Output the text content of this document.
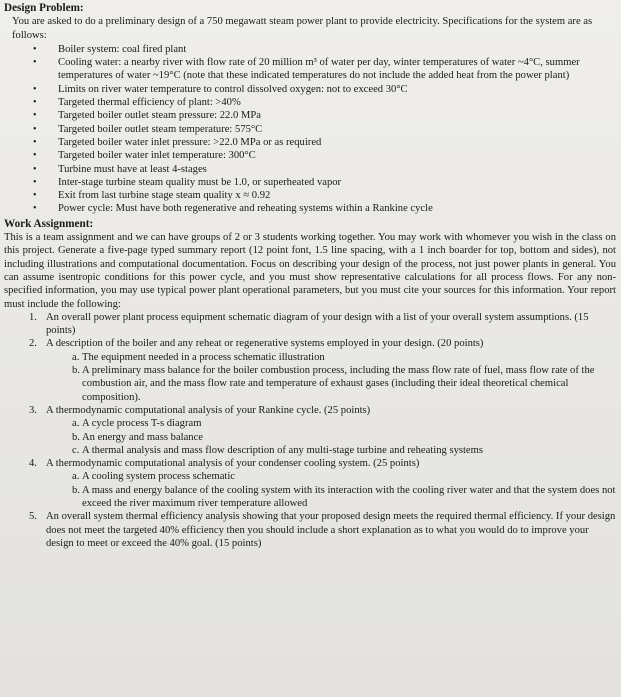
Design Problem:

You are asked to do a preliminary design of a 750 megawatt steam power plant to provide electricity. Specifications for the system are as follows:

• Boiler system: coal fired plant
• Cooling water: a nearby river with flow rate of 20 million m³ of water per day, winter temperatures of water ~4°C, summer temperatures of water ~19°C (note that these indicated temperatures do not include the added heat from the power plant)
• Limits on river water temperature to control dissolved oxygen: not to exceed 30°C
• Targeted thermal efficiency of plant: >40%
• Targeted boiler outlet steam pressure: 22.0 MPa
• Targeted boiler outlet steam temperature: 575°C
• Targeted boiler water inlet pressure: >22.0 MPa or as required
• Targeted boiler water inlet temperature: 300°C
• Turbine must have at least 4-stages
• Inter-stage turbine steam quality must be 1.0, or superheated vapor
• Exit from last turbine stage steam quality x ≈ 0.92
• Power cycle: Must have both regenerative and reheating systems within a Rankine cycle

Work Assignment:

This is a team assignment and we can have groups of 2 or 3 students working together. You may work with whomever you wish in the class on this project. Generate a five-page typed summary report (12 point font, 1.5 line spacing, with a 1 inch boarder for top, bottom and sides), not including illustrations and computational documentation. Focus on describing your design of the process, not just power plants in general. You can assume isentropic conditions for this power cycle, and you must show representative calculations for all process flows. For any non-specified information, you may use typical power plant operational parameters, but you must cite your sources for this information. Your report must include the following:

1. An overall power plant process equipment schematic diagram of your design with a list of your overall system assumptions. (15 points)
2. A description of the boiler and any reheat or regenerative systems employed in your design. (20 points)
a. The equipment needed in a process schematic illustration
b. A preliminary mass balance for the boiler combustion process, including the mass flow rate of fuel, mass flow rate of the combustion air, and the mass flow rate and temperature of exhaust gases (including their ideal theoretical chemical composition).
3. A thermodynamic computational analysis of your Rankine cycle. (25 points)
a. A cycle process T-s diagram
b. An energy and mass balance
c. A thermal analysis and mass flow description of any multi-stage turbine and reheating systems
4. A thermodynamic computational analysis of your condenser cooling system. (25 points)
a. A cooling system process schematic
b. A mass and energy balance of the cooling system with its interaction with the cooling river water and that the system does not exceed the river maximum river temperature allowed
5. An overall system thermal efficiency analysis showing that your proposed design meets the required thermal efficiency. If your design does not meet the targeted 40% efficiency then you should include a short explanation as to what you would do to improve your design to meet or exceed the 40% goal. (15 points)
